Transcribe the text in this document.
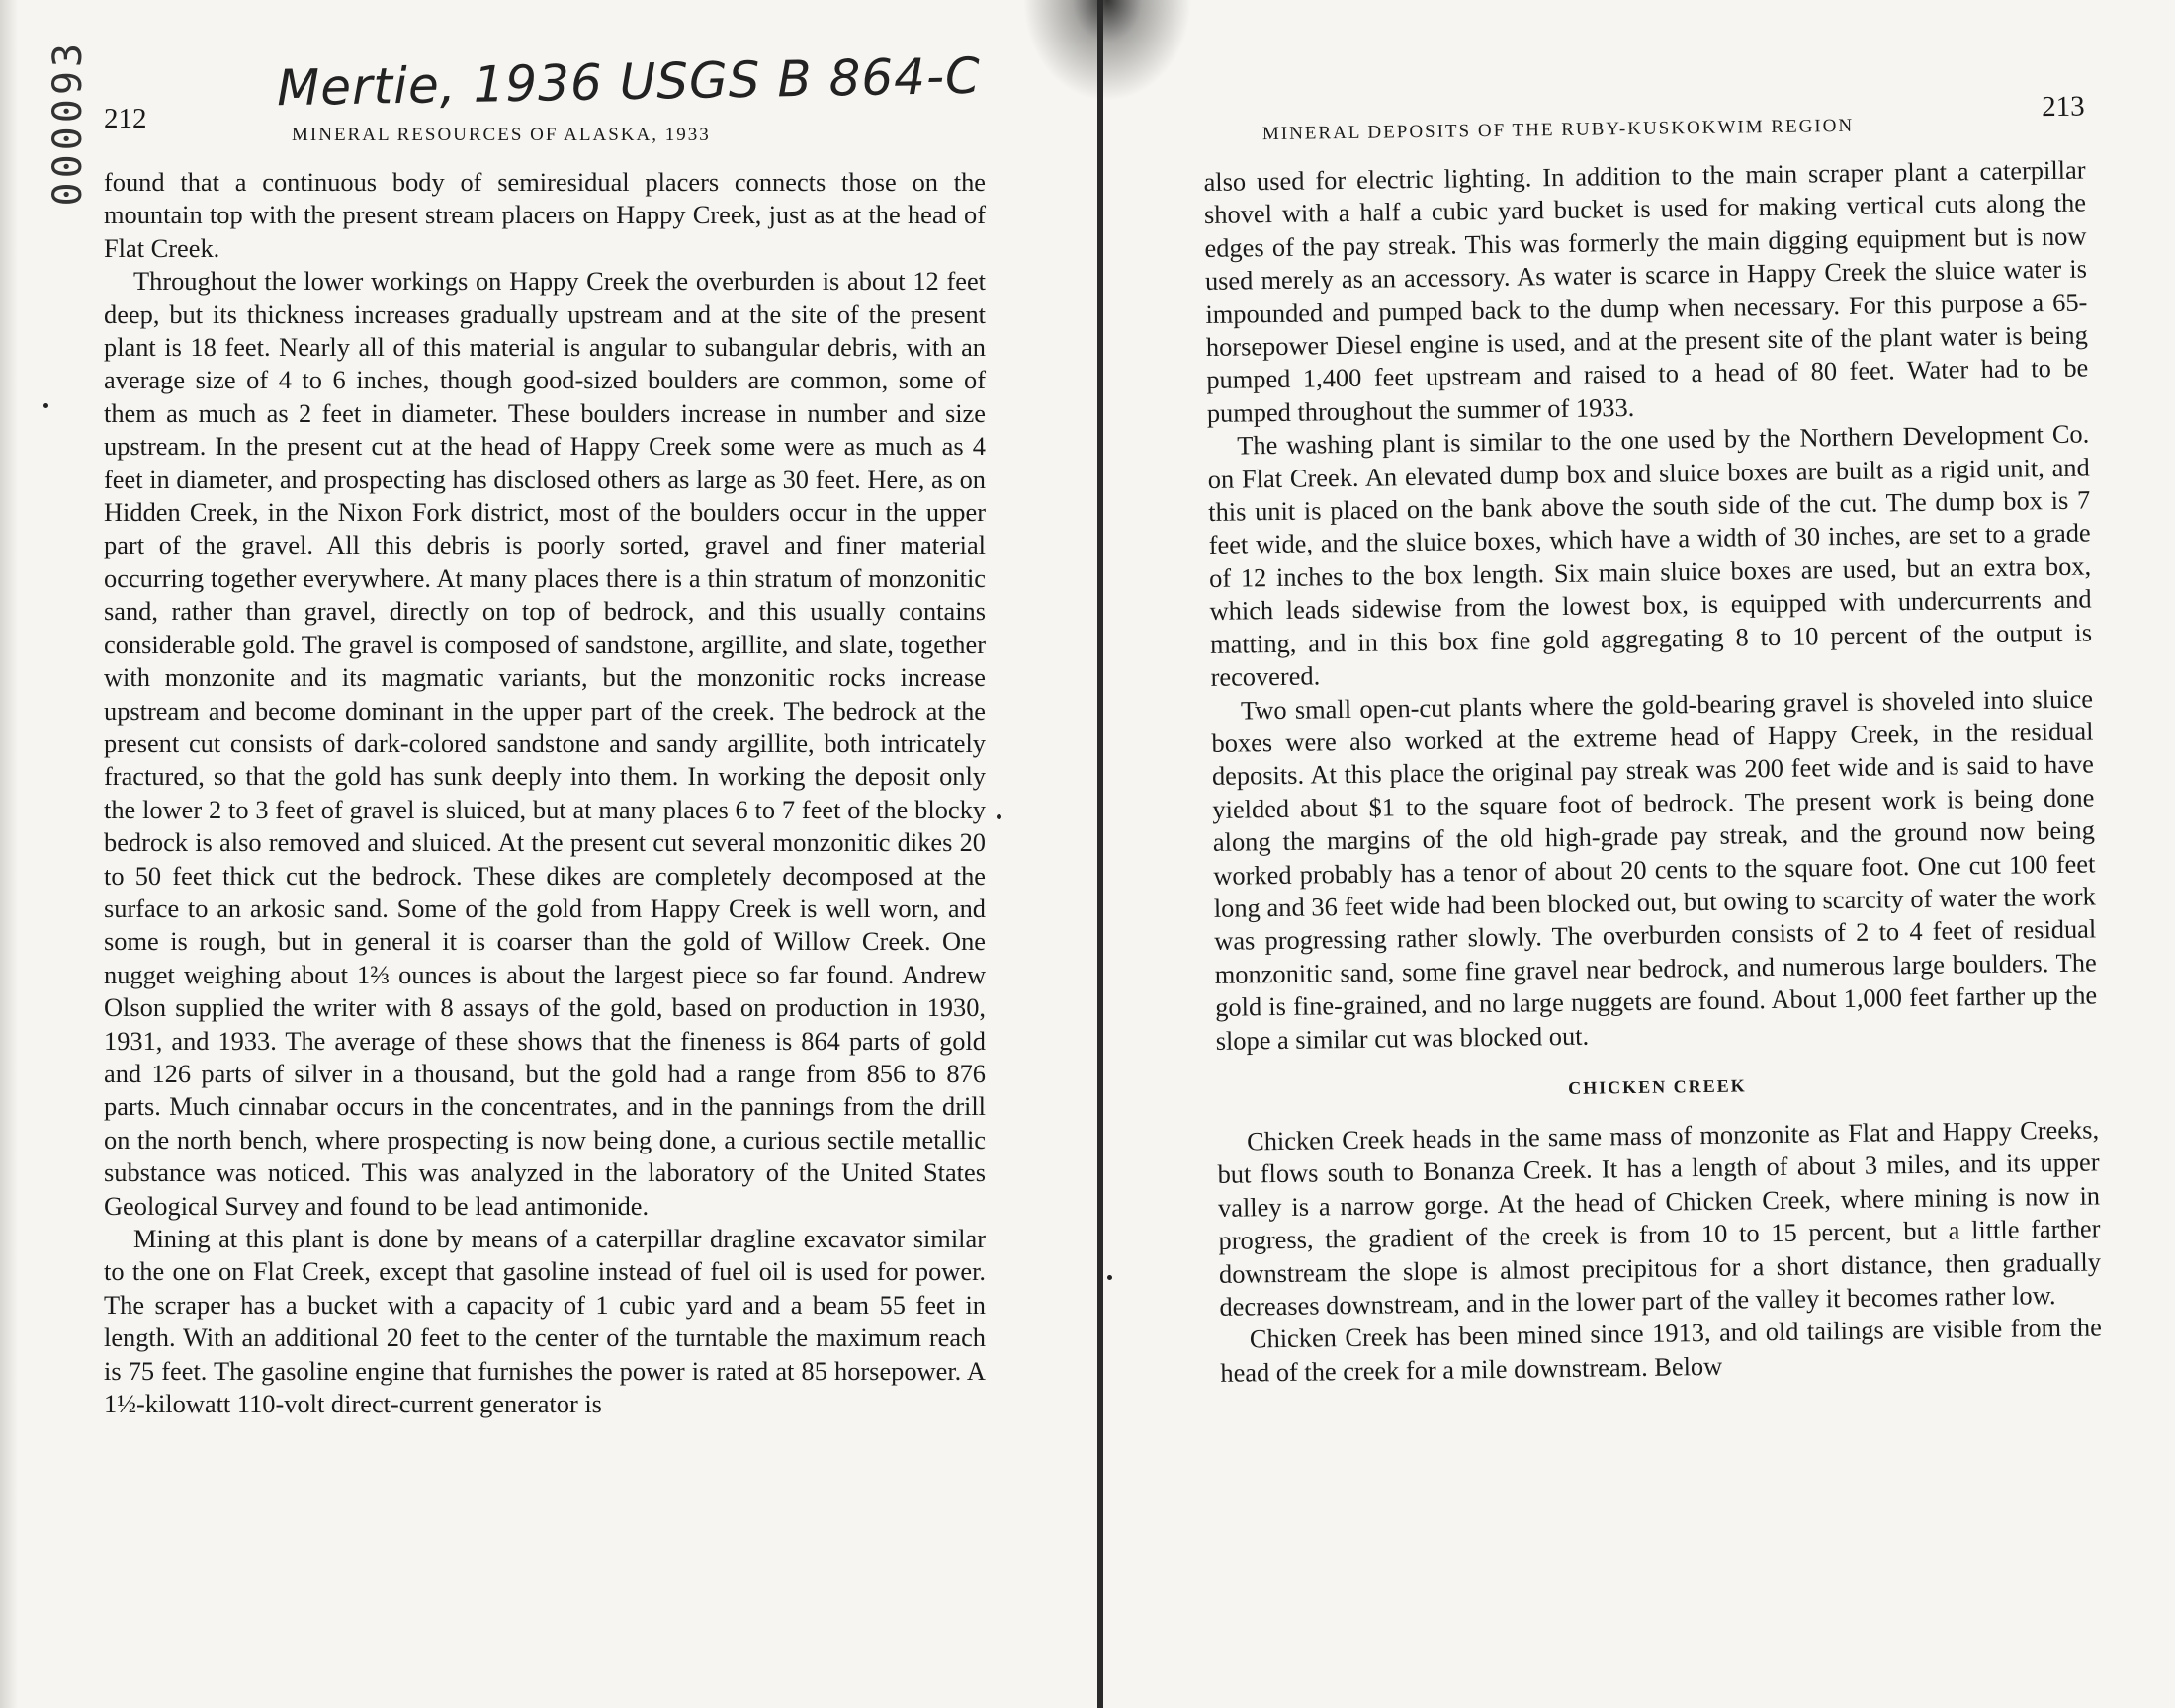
000093	Mertie, 1936 USGS B 864-C
212
MINERAL RESOURCES OF ALASKA, 1933

found that a continuous body of semiresidual placers connects those on the mountain top with the present stream placers on Happy Creek, just as at the head of Flat Creek.

Throughout the lower workings on Happy Creek the overburden is about 12 feet deep, but its thickness increases gradually upstream and at the site of the present plant is 18 feet. Nearly all of this material is angular to subangular debris, with an average size of 4 to 6 inches, though good-sized boulders are common, some of them as much as 2 feet in diameter. These boulders increase in number and size upstream. In the present cut at the head of Happy Creek some were as much as 4 feet in diameter, and prospecting has disclosed others as large as 30 feet. Here, as on Hidden Creek, in the Nixon Fork district, most of the boulders occur in the upper part of the gravel. All this debris is poorly sorted, gravel and finer material occurring together everywhere. At many places there is a thin stratum of monzonitic sand, rather than gravel, directly on top of bedrock, and this usually contains considerable gold. The gravel is composed of sandstone, argillite, and slate, together with monzonite and its magmatic variants, but the monzonitic rocks increase upstream and become dominant in the upper part of the creek. The bedrock at the present cut consists of dark-colored sandstone and sandy argillite, both intricately fractured, so that the gold has sunk deeply into them. In working the deposit only the lower 2 to 3 feet of gravel is sluiced, but at many places 6 to 7 feet of the blocky bedrock is also removed and sluiced. At the present cut several monzonitic dikes 20 to 50 feet thick cut the bedrock. These dikes are completely decomposed at the surface to an arkosic sand. Some of the gold from Happy Creek is well worn, and some is rough, but in general it is coarser than the gold of Willow Creek. One nugget weighing about 1⅔ ounces is about the largest piece so far found. Andrew Olson supplied the writer with 8 assays of the gold, based on production in 1930, 1931, and 1933. The average of these shows that the fineness is 864 parts of gold and 126 parts of silver in a thousand, but the gold had a range from 856 to 876 parts. Much cinnabar occurs in the concentrates, and in the pannings from the drill on the north bench, where prospecting is now being done, a curious sectile metallic substance was noticed. This was analyzed in the laboratory of the United States Geological Survey and found to be lead antimonide.

Mining at this plant is done by means of a caterpillar dragline excavator similar to the one on Flat Creek, except that gasoline instead of fuel oil is used for power. The scraper has a bucket with a capacity of 1 cubic yard and a beam 55 feet in length. With an additional 20 feet to the center of the turntable the maximum reach is 75 feet. The gasoline engine that furnishes the power is rated at 85 horsepower. A 1½-kilowatt 110-volt direct-current generator is

MINERAL DEPOSITS OF THE RUBY-KUSKOKWIM REGION
213

also used for electric lighting. In addition to the main scraper plant a caterpillar shovel with a half a cubic yard bucket is used for making vertical cuts along the edges of the pay streak. This was formerly the main digging equipment but is now used merely as an accessory. As water is scarce in Happy Creek the sluice water is impounded and pumped back to the dump when necessary. For this purpose a 65-horsepower Diesel engine is used, and at the present site of the plant water is being pumped 1,400 feet upstream and raised to a head of 80 feet. Water had to be pumped throughout the summer of 1933.

The washing plant is similar to the one used by the Northern Development Co. on Flat Creek. An elevated dump box and sluice boxes are built as a rigid unit, and this unit is placed on the bank above the south side of the cut. The dump box is 7 feet wide, and the sluice boxes, which have a width of 30 inches, are set to a grade of 12 inches to the box length. Six main sluice boxes are used, but an extra box, which leads sidewise from the lowest box, is equipped with undercurrents and matting, and in this box fine gold aggregating 8 to 10 percent of the output is recovered.

Two small open-cut plants where the gold-bearing gravel is shoveled into sluice boxes were also worked at the extreme head of Happy Creek, in the residual deposits. At this place the original pay streak was 200 feet wide and is said to have yielded about $1 to the square foot of bedrock. The present work is being done along the margins of the old high-grade pay streak, and the ground now being worked probably has a tenor of about 20 cents to the square foot. One cut 100 feet long and 36 feet wide had been blocked out, but owing to scarcity of water the work was progressing rather slowly. The overburden consists of 2 to 4 feet of residual monzonitic sand, some fine gravel near bedrock, and numerous large boulders. The gold is fine-grained, and no large nuggets are found. About 1,000 feet farther up the slope a similar cut was blocked out.

CHICKEN CREEK

Chicken Creek heads in the same mass of monzonite as Flat and Happy Creeks, but flows south to Bonanza Creek. It has a length of about 3 miles, and its upper valley is a narrow gorge. At the head of Chicken Creek, where mining is now in progress, the gradient of the creek is from 10 to 15 percent, but a little farther downstream the slope is almost precipitous for a short distance, then gradually decreases downstream, and in the lower part of the valley it becomes rather low.

Chicken Creek has been mined since 1913, and old tailings are visible from the head of the creek for a mile downstream. Below
